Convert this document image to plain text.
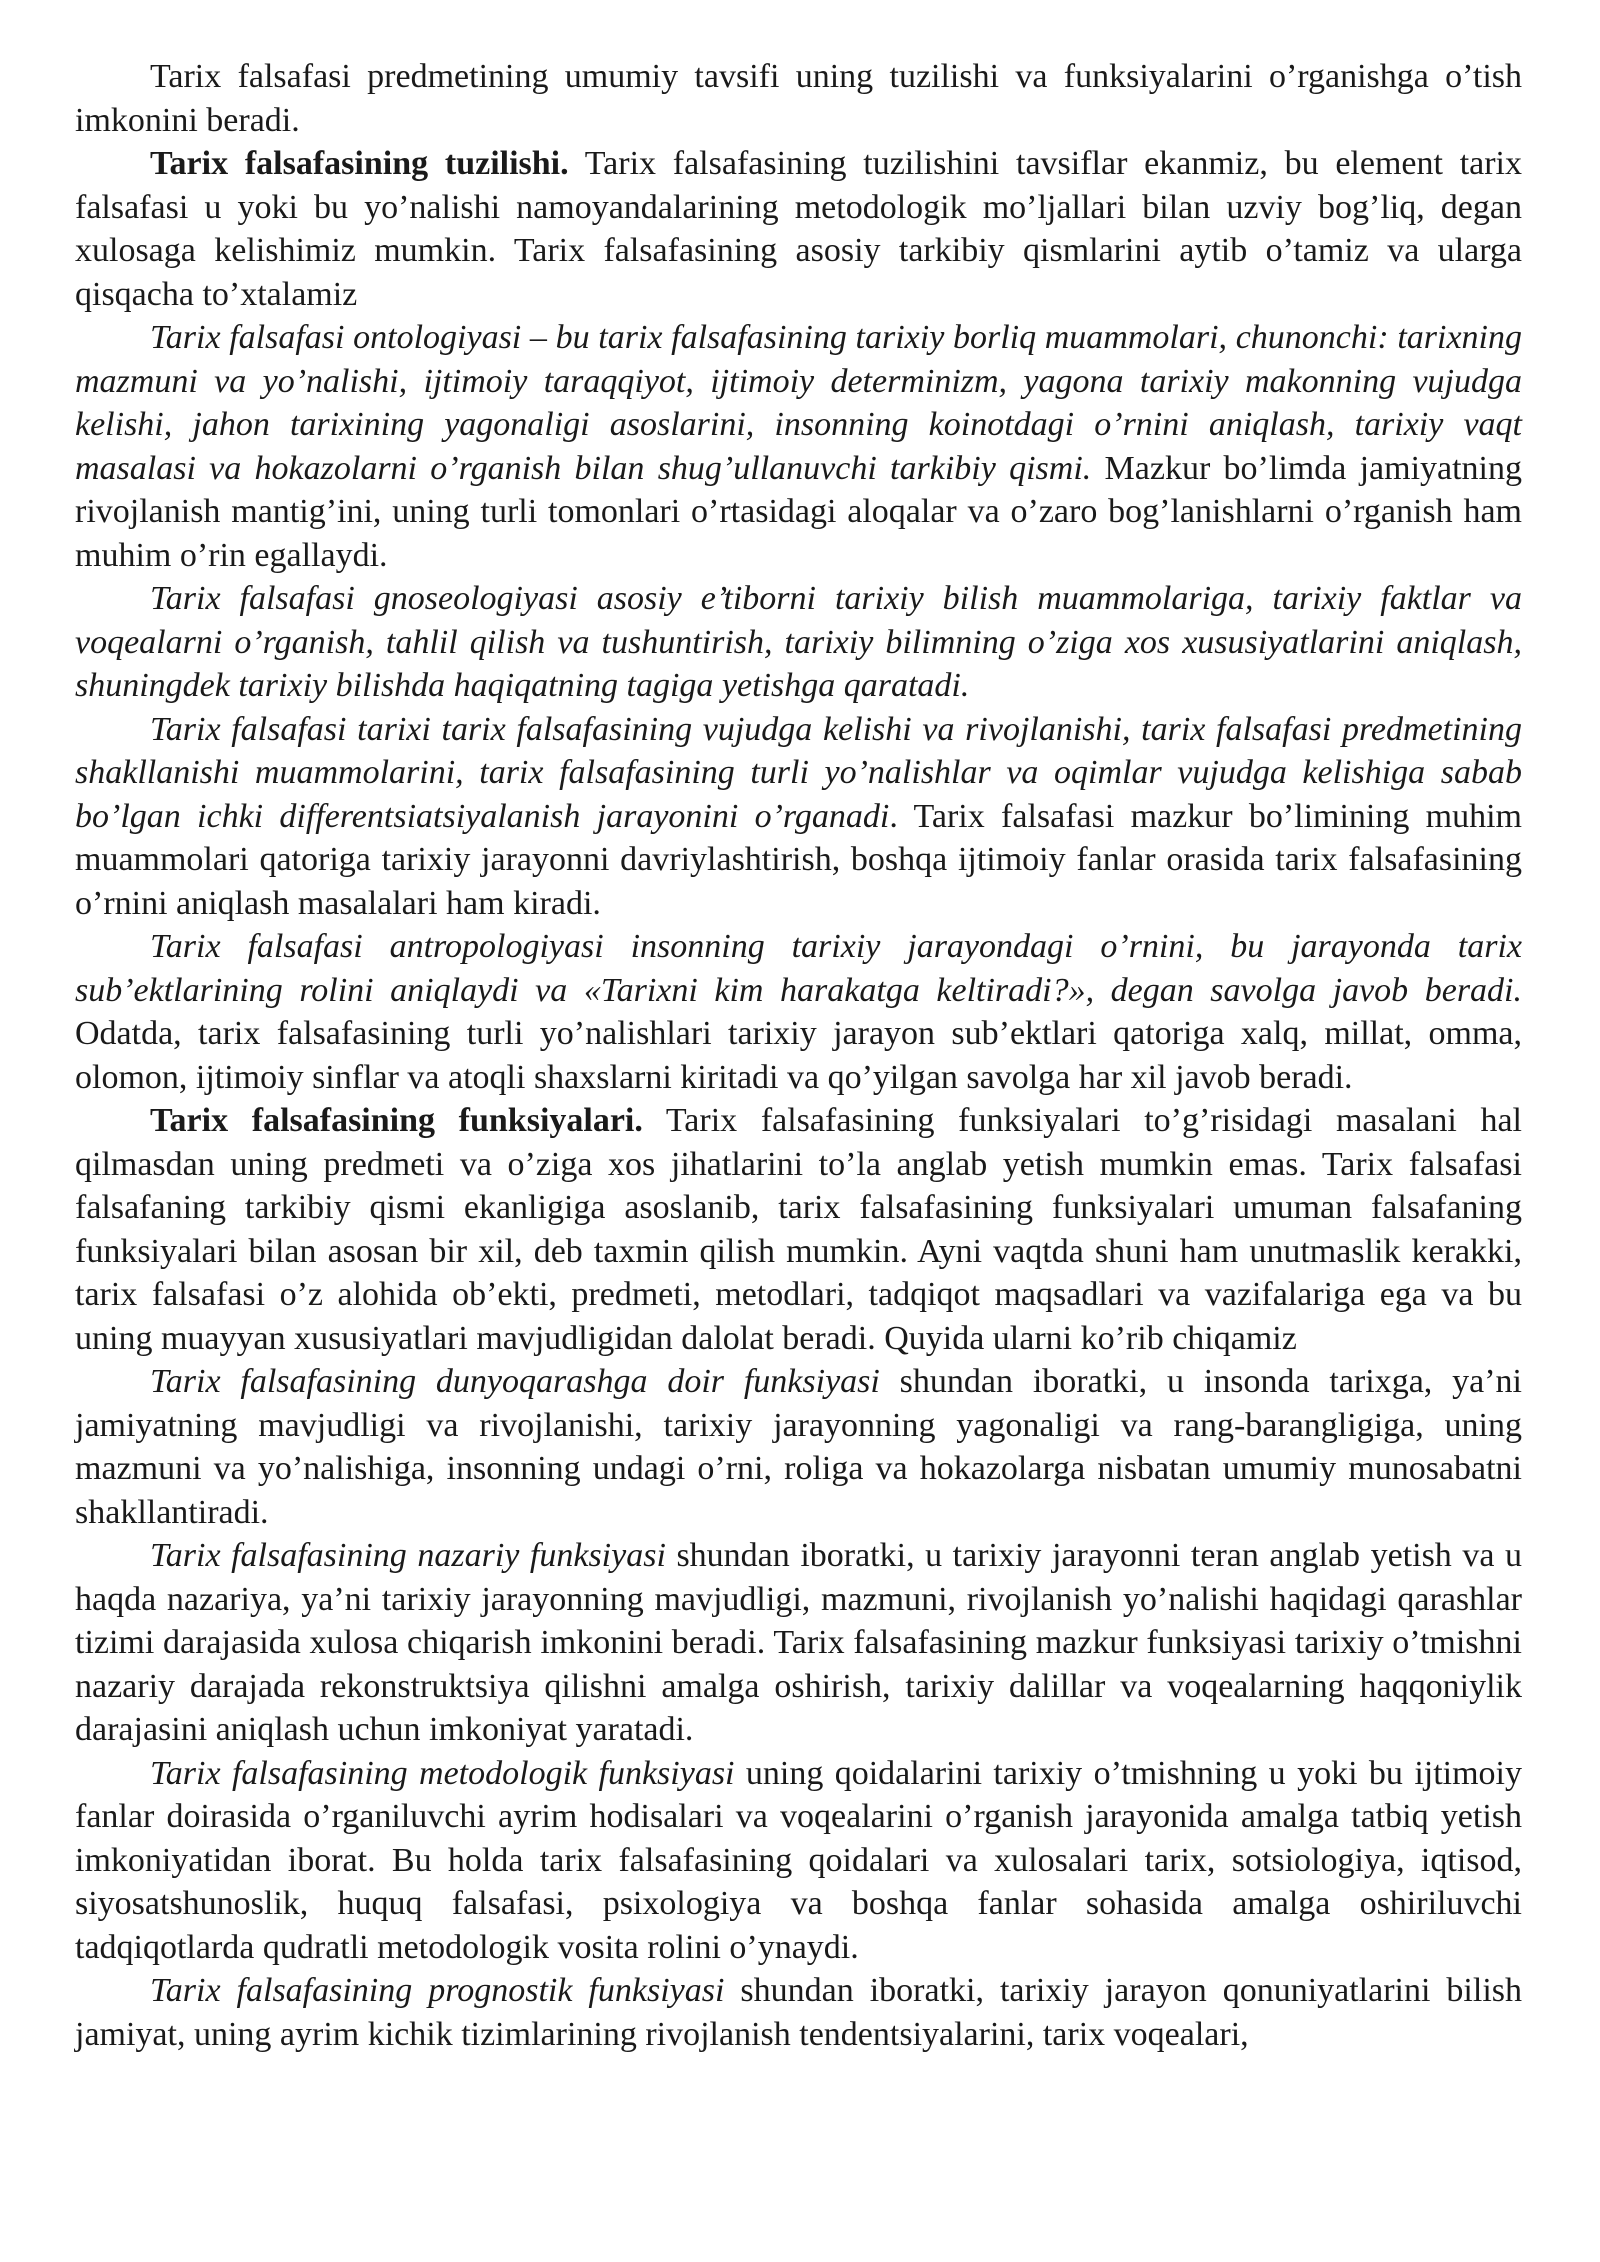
Tarix falsafasi predmetining umumiy tavsifi uning tuzilishi va funksiyalarini o’rganishga o’tish imkonini beradi.

Tarix falsafasining tuzilishi. Tarix falsafasining tuzilishini tavsiflar ekanmiz, bu element tarix falsafasi u yoki bu yo’nalishi namoyandalarining metodologik mo’ljallari bilan uzviy bog’liq, degan xulosaga kelishimiz mumkin. Tarix falsafasining asosiy tarkibiy qismlarini aytib o’tamiz va ularga qisqacha to’xtalamiz

Tarix falsafasi ontologiyasi – bu tarix falsafasining tarixiy borliq muammolari, chunonchi: tarixning mazmuni va yo’nalishi, ijtimoiy taraqqiyot, ijtimoiy determinizm, yagona tarixiy makonning vujudga kelishi, jahon tarixining yagonaligi asoslarini, insonning koinotdagi o’rnini aniqlash, tarixiy vaqt masalasi va hokazolarni o’rganish bilan shug’ullanuvchi tarkibiy qismi. Mazkur bo’limda jamiyatning rivojlanish mantig’ini, uning turli tomonlari o’rtasidagi aloqalar va o’zaro bog’lanishlarni o’rganish ham muhim o’rin egallaydi.

Tarix falsafasi gnoseologiyasi asosiy e’tiborni tarixiy bilish muammolariga, tarixiy faktlar va voqealarni o’rganish, tahlil qilish va tushuntirish, tarixiy bilimning o’ziga xos xususiyatlarini aniqlash, shuningdek tarixiy bilishda haqiqatning tagiga yetishga qaratadi.

Tarix falsafasi tarixi tarix falsafasining vujudga kelishi va rivojlanishi, tarix falsafasi predmetining shakllanishi muammolarini, tarix falsafasining turli yo’nalishlar va oqimlar vujudga kelishiga sabab bo’lgan ichki differentsiatsiyalanish jarayonini o’rganadi. Tarix falsafasi mazkur bo’limining muhim muammolari qatoriga tarixiy jarayonni davriylashtirish, boshqa ijtimoiy fanlar orasida tarix falsafasining o’rnini aniqlash masalalari ham kiradi.

Tarix falsafasi antropologiyasi insonning tarixiy jarayondagi o’rnini, bu jarayonda tarix sub’ektlarining rolini aniqlaydi va «Tarixni kim harakatga keltiradi?», degan savolga javob beradi. Odatda, tarix falsafasining turli yo’nalishlari tarixiy jarayon sub’ektlari qatoriga xalq, millat, omma, olomon, ijtimoiy sinflar va atoqli shaxslarni kiritadi va qo’yilgan savolga har xil javob beradi.

Tarix falsafasining funksiyalari. Tarix falsafasining funksiyalari to’g’risidagi masalani hal qilmasdan uning predmeti va o’ziga xos jihatlarini to’la anglab yetish mumkin emas. Tarix falsafasi falsafaning tarkibiy qismi ekanligiga asoslanib, tarix falsafasining funksiyalari umuman falsafaning funksiyalari bilan asosan bir xil, deb taxmin qilish mumkin. Ayni vaqtda shuni ham unutmaslik kerakki, tarix falsafasi o’z alohida ob’ekti, predmeti, metodlari, tadqiqot maqsadlari va vazifalariga ega va bu uning muayyan xususiyatlari mavjudligidan dalolat beradi. Quyida ularni ko’rib chiqamiz

Tarix falsafasining dunyoqarashga doir funksiyasi shundan iboratki, u insonda tarixga, ya’ni jamiyatning mavjudligi va rivojlanishi, tarixiy jarayonning yagonaligi va rang-barangligiga, uning mazmuni va yo’nalishiga, insonning undagi o’rni, roliga va hokazolarga nisbatan umumiy munosabatni shakllantiradi.

Tarix falsafasining nazariy funksiyasi shundan iboratki, u tarixiy jarayonni teran anglab yetish va u haqda nazariya, ya’ni tarixiy jarayonning mavjudligi, mazmuni, rivojlanish yo’nalishi haqidagi qarashlar tizimi darajasida xulosa chiqarish imkonini beradi. Tarix falsafasining mazkur funksiyasi tarixiy o’tmishni nazariy darajada rekonstruktsiya qilishni amalga oshirish, tarixiy dalillar va voqealarning haqqoniylik darajasini aniqlash uchun imkoniyat yaratadi.

Tarix falsafasining metodologik funksiyasi uning qoidalarini tarixiy o’tmishning u yoki bu ijtimoiy fanlar doirasida o’rganiluvchi ayrim hodisalari va voqealarini o’rganish jarayonida amalga tatbiq yetish imkoniyatidan iborat. Bu holda tarix falsafasining qoidalari va xulosalari tarix, sotsiologiya, iqtisod, siyosatshunoslik, huquq falsafasi, psixologiya va boshqa fanlar sohasida amalga oshiriluvchi tadqiqotlarda qudratli metodologik vosita rolini o’ynaydi.

Tarix falsafasining prognostik funksiyasi shundan iboratki, tarixiy jarayon qonuniyatlarini bilish jamiyat, uning ayrim kichik tizimlarining rivojlanish tendentsiyalarini, tarix voqealari,
